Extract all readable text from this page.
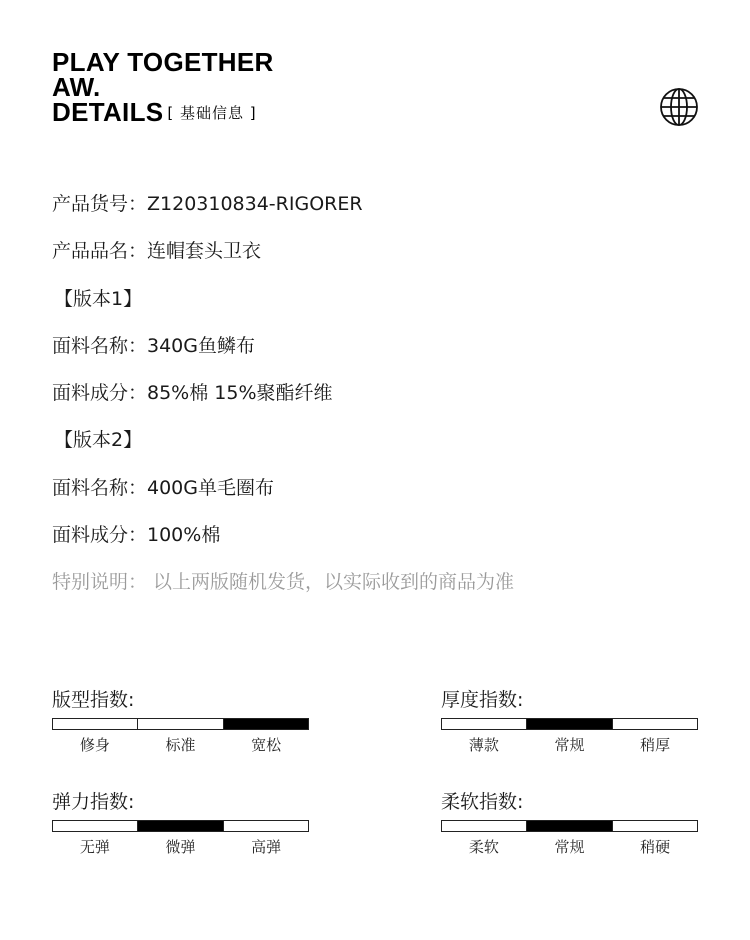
PLAY TOGETHER
AW.
DETAILS [ 基础信息 ]
产品货号：Z120310834-RIGORER
产品品名：连帽套头卫衣
【版本1】
面料名称：340G鱼鳞布
面料成分：85%棉 15%聚酯纤维
【版本2】
面料名称：400G单毛圈布
面料成分：100%棉
特别说明： 以上两版随机发货，以实际收到的商品为准
版型指数:
修身	标准	宽松
厚度指数:
薄款	常规	稍厚
弹力指数:
无弹	微弹	高弹
柔软指数:
柔软	常规	稍硬
